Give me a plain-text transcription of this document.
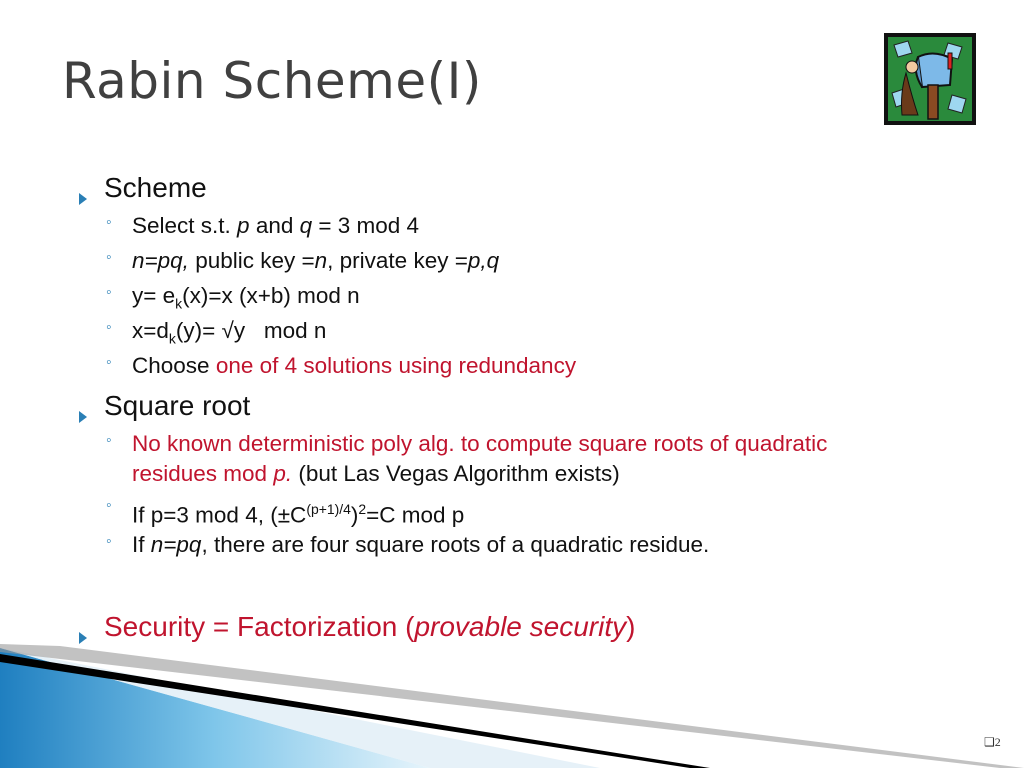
Rabin Scheme(I)
Scheme
◦ Select s.t. p and q = 3 mod 4
◦ n=pq, public key =n, private key =p,q
◦ $y= e_k(x)=x$ (x+b) mod n
◦ $x=d_k(y)= √y$   mod n
◦ Choose one of 4 solutions using redundancy
Square root
◦ No known deterministic poly alg. to compute square roots of quadratic residues mod p. (but Las Vegas Algorithm exists)
◦ If p=3 mod 4, $(\pm C^{(p+1)/4})^2=C$ mod p
◦ If n=pq, there are four square roots of a quadratic residue.
Security = Factorization (provable security)
❑2
